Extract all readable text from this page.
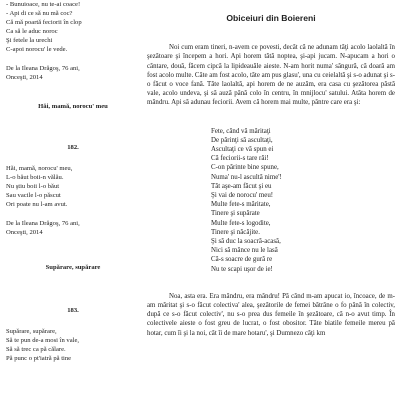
- Bunuioace, nu te-ai coace!
- Api di ce să nu mă coc?
Că mă poartă feciorii în clop
Ca să le aduc noroc
Şi fetele la urechi
C-apoi norocu' le vede.
De la Ileana Drăgoş, 76 ani,
Onceşti, 2014
Hăi, mamă, norocu' meu
182.
Hăi, mamă, norocu' meu,
L-o băut boii-n vălău.
Nu ştiu boii l-o băut
Sau vacile l-o păscut
Ori poate nu l-am avut.
De la Ileana Drăgoş, 76 ani,
Onceşti, 2014
Supărare, supărare
183.
Supărare, supărare,
Să te pun de-a mosi în vale,
Să să trec ca pă călare.
Pă punc o pt'iatră pă tine
Obiceiuri din Boiereni

Noi cum eram tineri, n-avem ce povesti, decât că ne adunam tăţi acolo laolaltă în şezătoare şi începem a hori. Api horem tătă noptea, şi-api jucam. N-apucam a hori o cântare, două, făcem cipcă la lipideauăle aieste. N-am horit numa' sângură, că doară am fost acolo multe. Câte am fost acolo, tăte am pus glasu', una cu ceielaltă şi s-o adunat şi s-o făcut o voce fană. Tăte laolaltă, api horem de ne auzăm, era casa cu şezătorea păstă vale, acolo undeva, şi să auză până colo în centru, în mnijlocu' satului. Atâta horem de mândru. Api să adunau feciorii. Avem că horem mai multe, păntre care era şi:

Fete, când vă măritaţi
De părinţi să ascultaţi,
Ascultaţi ce vă spun ei
Că feciorii-s tare răi!
C-on părinte bine spune,
Numa' nu-l ascultă nime'!
Tăt aşe-am făcut şi eu
Şi vai de norocu' meu!
Multe fete-s măritate,
Tinere şi supărate
Multe fete-s logodite,
Tinere şi năcăjite.
Şi să duc la soacră-acasă,
Nici să mânce nu le lasă
Că-s soacre de gură re
Nu te scapi uşor de ie!

Noa, asta era. Era mândru, era mândru! Pă când m-am apucat io, încoace, de m-am măritat şi s-o făcut colectiva' alea, şezătorile de femei bătrâne o fo până în colectiv, după ce s-o făcut colectiv', nu s-o prea dus femeile în şezătoare, că n-o avut timp. În colectivele aieste o fost greu de lucrat, o fost obositor. Tăte biatile femeile mereu pă hotar, cum îi şi la noi, cât îi de mare hotaru', şi Dumnezo câţi km
